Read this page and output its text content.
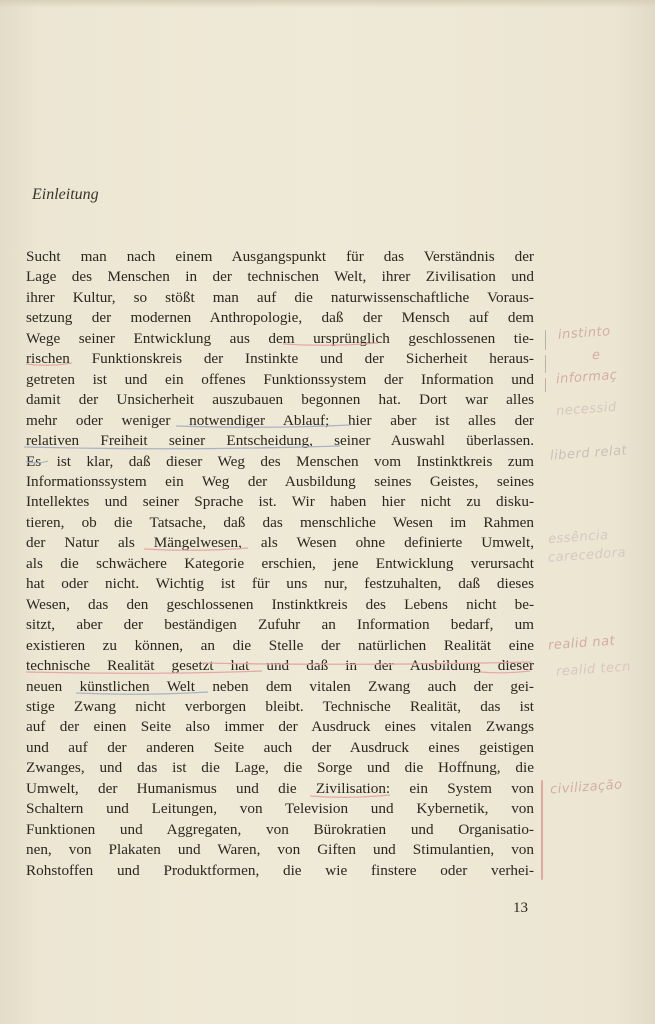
Einleitung
Sucht man nach einem Ausgangspunkt für das Verständnis der
Lage des Menschen in der technischen Welt, ihrer Zivilisation und
ihrer Kultur, so stößt man auf die naturwissenschaftliche Voraus-
setzung der modernen Anthropologie, daß der Mensch auf dem
Wege seiner Entwicklung aus dem ursprünglich geschlossenen tie-
rischen Funktionskreis der Instinkte und der Sicherheit heraus-
getreten ist und ein offenes Funktionssystem der Information und
damit der Unsicherheit auszubauen begonnen hat. Dort war alles
mehr oder weniger notwendiger Ablauf; hier aber ist alles der
relativen Freiheit seiner Entscheidung, seiner Auswahl überlassen.
Es ist klar, daß dieser Weg des Menschen vom Instinktkreis zum
Informationssystem ein Weg der Ausbildung seines Geistes, seines
Intellektes und seiner Sprache ist. Wir haben hier nicht zu disku-
tieren, ob die Tatsache, daß das menschliche Wesen im Rahmen
der Natur als Mängelwesen, als Wesen ohne definierte Umwelt,
als die schwächere Kategorie erschien, jene Entwicklung verursacht
hat oder nicht. Wichtig ist für uns nur, festzuhalten, daß dieses
Wesen, das den geschlossenen Instinktkreis des Lebens nicht be-
sitzt, aber der beständigen Zufuhr an Information bedarf, um
existieren zu können, an die Stelle der natürlichen Realität eine
technische Realität gesetzt hat und daß in der Ausbildung dieser
neuen künstlichen Welt neben dem vitalen Zwang auch der gei-
stige Zwang nicht verborgen bleibt. Technische Realität, das ist
auf der einen Seite also immer der Ausdruck eines vitalen Zwangs
und auf der anderen Seite auch der Ausdruck eines geistigen
Zwanges, und das ist die Lage, die Sorge und die Hoffnung, die
Umwelt, der Humanismus und die Zivilisation: ein System von
Schaltern und Leitungen, von Television und Kybernetik, von
Funktionen und Aggregaten, von Bürokratien und Organisatio-
nen, von Plakaten und Waren, von Giften und Stimulantien, von
Rohstoffen und Produktformen, die wie finstere oder verhei-
instinto
e
informaç
necessid
liberd relat
essência
carecedora
realid nat
realid tecn
civilização
13
